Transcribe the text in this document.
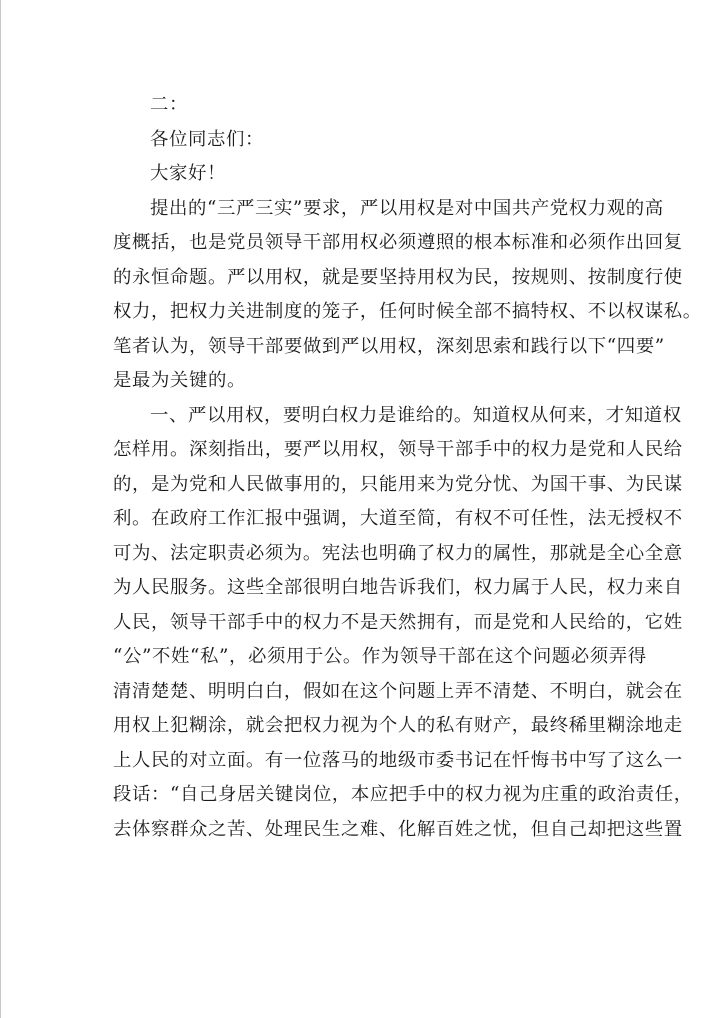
二：
各位同志们：
大家好！
提出的“三严三实”要求，严以用权是对中国共产党权力观的高
度概括，也是党员领导干部用权必须遵照的根本标准和必须作出回复
的永恒命题。严以用权，就是要坚持用权为民，按规则、按制度行使
权力，把权力关进制度的笼子，任何时候全部不搞特权、不以权谋私。
笔者认为，领导干部要做到严以用权，深刻思索和践行以下“四要”
是最为关键的。
一、严以用权，要明白权力是谁给的。知道权从何来，才知道权
怎样用。深刻指出，要严以用权，领导干部手中的权力是党和人民给
的，是为党和人民做事用的，只能用来为党分忧、为国干事、为民谋
利。在政府工作汇报中强调，大道至简，有权不可任性，法无授权不
可为、法定职责必须为。宪法也明确了权力的属性，那就是全心全意
为人民服务。这些全部很明白地告诉我们，权力属于人民，权力来自
人民，领导干部手中的权力不是天然拥有，而是党和人民给的，它姓
“公”不姓“私”，必须用于公。作为领导干部在这个问题必须弄得
清清楚楚、明明白白，假如在这个问题上弄不清楚、不明白，就会在
用权上犯糊涂，就会把权力视为个人的私有财产，最终稀里糊涂地走
上人民的对立面。有一位落马的地级市委书记在忏悔书中写了这么一
段话：“自己身居关键岗位，本应把手中的权力视为庄重的政治责任，
去体察群众之苦、处理民生之难、化解百姓之忧，但自己却把这些置
